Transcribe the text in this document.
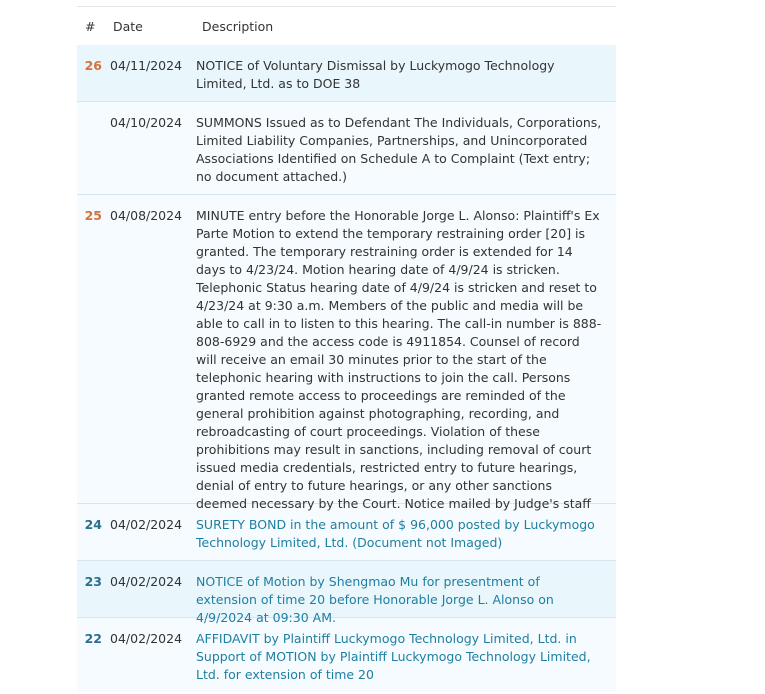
#	Date	Description
26 04/11/2024	NOTICE of Voluntary Dismissal by Luckymogo Technology Limited, Ltd. as to DOE 38
04/10/2024	SUMMONS Issued as to Defendant The Individuals, Corporations, Limited Liability Companies, Partnerships, and Unincorporated Associations Identified on Schedule A to Complaint (Text entry; no document attached.)
25 04/08/2024	MINUTE entry before the Honorable Jorge L. Alonso: Plaintiff's Ex Parte Motion to extend the temporary restraining order [20] is granted. The temporary restraining order is extended for 14 days to 4/23/24. Motion hearing date of 4/9/24 is stricken. Telephonic Status hearing date of 4/9/24 is stricken and reset to 4/23/24 at 9:30 a.m. Members of the public and media will be able to call in to listen to this hearing. The call-in number is 888-808-6929 and the access code is 4911854. Counsel of record will receive an email 30 minutes prior to the start of the telephonic hearing with instructions to join the call. Persons granted remote access to proceedings are reminded of the general prohibition against photographing, recording, and rebroadcasting of court proceedings. Violation of these prohibitions may result in sanctions, including removal of court issued media credentials, restricted entry to future hearings, denial of entry to future hearings, or any other sanctions deemed necessary by the Court. Notice mailed by Judge's staff
24 04/02/2024	SURETY BOND in the amount of $ 96,000 posted by Luckymogo Technology Limited, Ltd. (Document not Imaged)
23 04/02/2024	NOTICE of Motion by Shengmao Mu for presentment of extension of time 20 before Honorable Jorge L. Alonso on 4/9/2024 at 09:30 AM.
22 04/02/2024	AFFIDAVIT by Plaintiff Luckymogo Technology Limited, Ltd. in Support of MOTION by Plaintiff Luckymogo Technology Limited, Ltd. for extension of time 20
